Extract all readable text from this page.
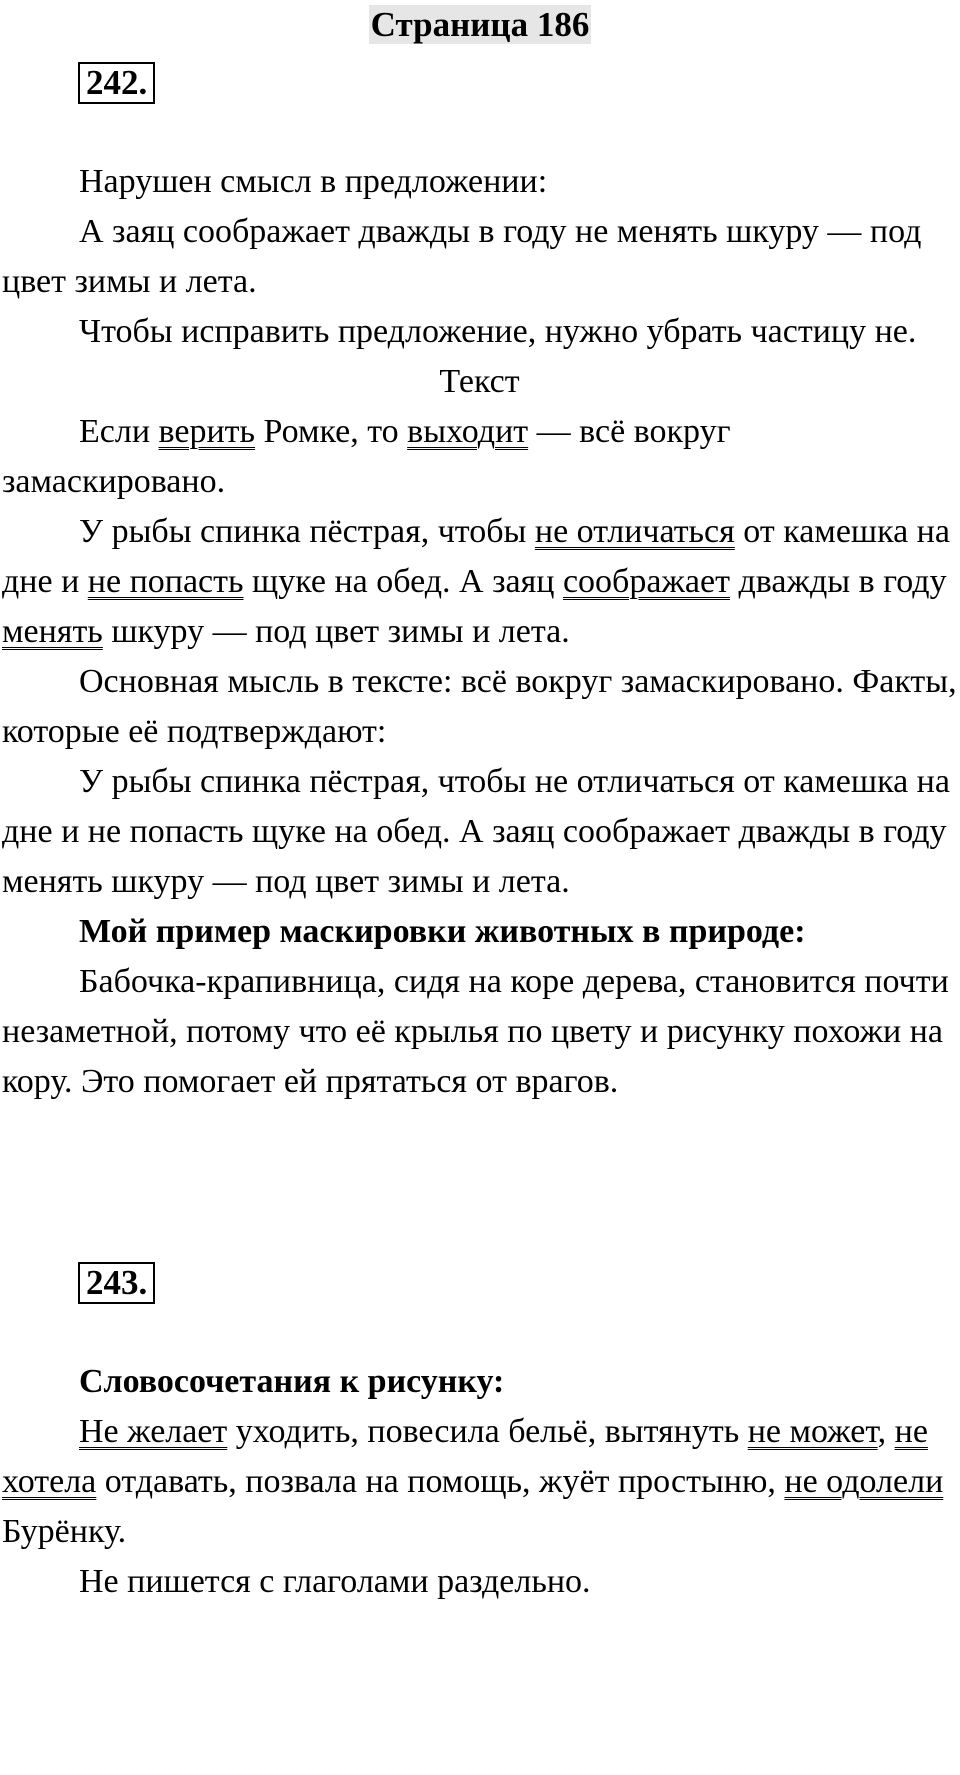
Страница 186
242.

Нарушен смысл в предложении:

А заяц соображает дважды в году не менять шкуру — под цвет зимы и лета.

Чтобы исправить предложение, нужно убрать частицу не.

Текст

Если верить Ромке, то выходит — всё вокруг замаскировано.

У рыбы спинка пёстрая, чтобы не отличаться от камешка на дне и не попасть щуке на обед. А заяц соображает дважды в году менять шкуру — под цвет зимы и лета.

Основная мысль в тексте: всё вокруг замаскировано. Факты, которые её подтверждают:

У рыбы спинка пёстрая, чтобы не отличаться от камешка на дне и не попасть щуке на обед. А заяц соображает дважды в году менять шкуру — под цвет зимы и лета.

Мой пример маскировки животных в природе:

Бабочка-крапивница, сидя на коре дерева, становится почти незаметной, потому что её крылья по цвету и рисунку похожи на кору. Это помогает ей прятаться от врагов.

243.

Словосочетания к рисунку:

Не желает уходить, повесила бельё, вытянуть не может, не хотела отдавать, позвала на помощь, жуёт простыню, не одолели Бурёнку.

Не пишется с глаголами раздельно.
